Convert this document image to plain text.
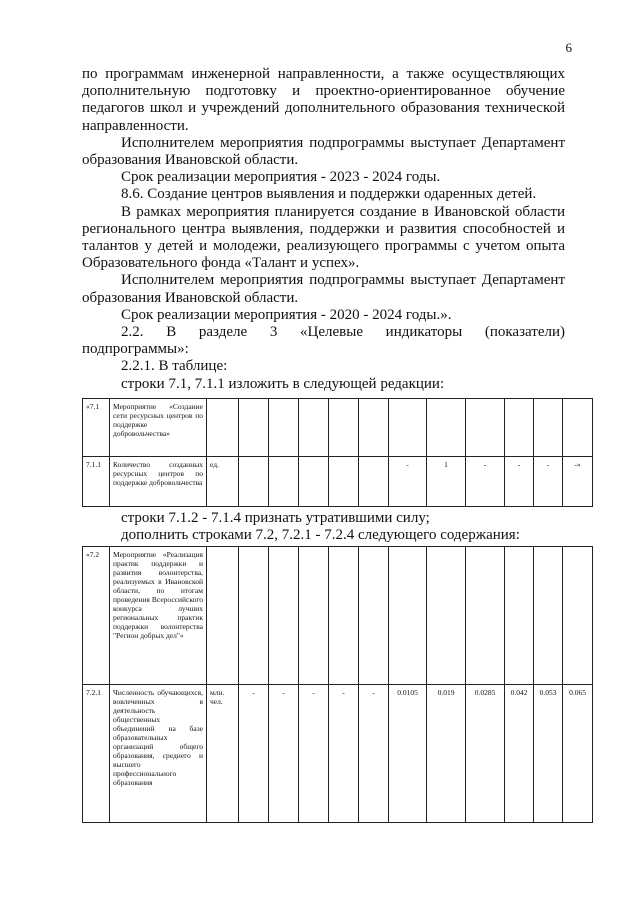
6

по программам инженерной направленности, а также осуществляющих дополнительную подготовку и проектно-ориентированное обучение педагогов школ и учреждений дополнительного образования технической направленности.

Исполнителем мероприятия подпрограммы выступает Департамент образования Ивановской области.

Срок реализации мероприятия - 2023 - 2024 годы.

8.6. Создание центров выявления и поддержки одаренных детей.

В рамках мероприятия планируется создание в Ивановской области регионального центра выявления, поддержки и развития способностей и талантов у детей и молодежи, реализующего программы с учетом опыта Образовательного фонда «Талант и успех».

Исполнителем мероприятия подпрограммы выступает Департамент образования Ивановской области.

Срок реализации мероприятия - 2020 - 2024 годы.».

2.2. В разделе 3 «Целевые индикаторы (показатели) подпрограммы»:

2.2.1. В таблице:

строки 7.1, 7.1.1 изложить в следующей редакции:

«7.1	Мероприятие «Создание сети ресурсных центров по поддержке добровольчества»												
7.1.1	Количество созданных ресурсных центров по поддержке добровольчества	ед.						-	1	-	-	-	-»
строки 7.1.2 - 7.1.4 признать утратившими силу;
дополнить строками 7.2, 7.2.1 - 7.2.4 следующего содержания:
«7.2	Мероприятие «Реализация практик поддержки и развития волонтерства, реализуемых в Ивановской области, по итогам проведения Всероссийского конкурса лучших региональных практик поддержки волонтерства "Регион добрых дел"»												
7.2.1	Численность обучающихся, вовлеченных в деятельность общественных объединений на базе образовательных организаций общего образования, среднего и высшего профессионального образования	млн. чел.	-	-	-	-	-	0.0105	0.019	0.0285	0.042	0.053	0.065
